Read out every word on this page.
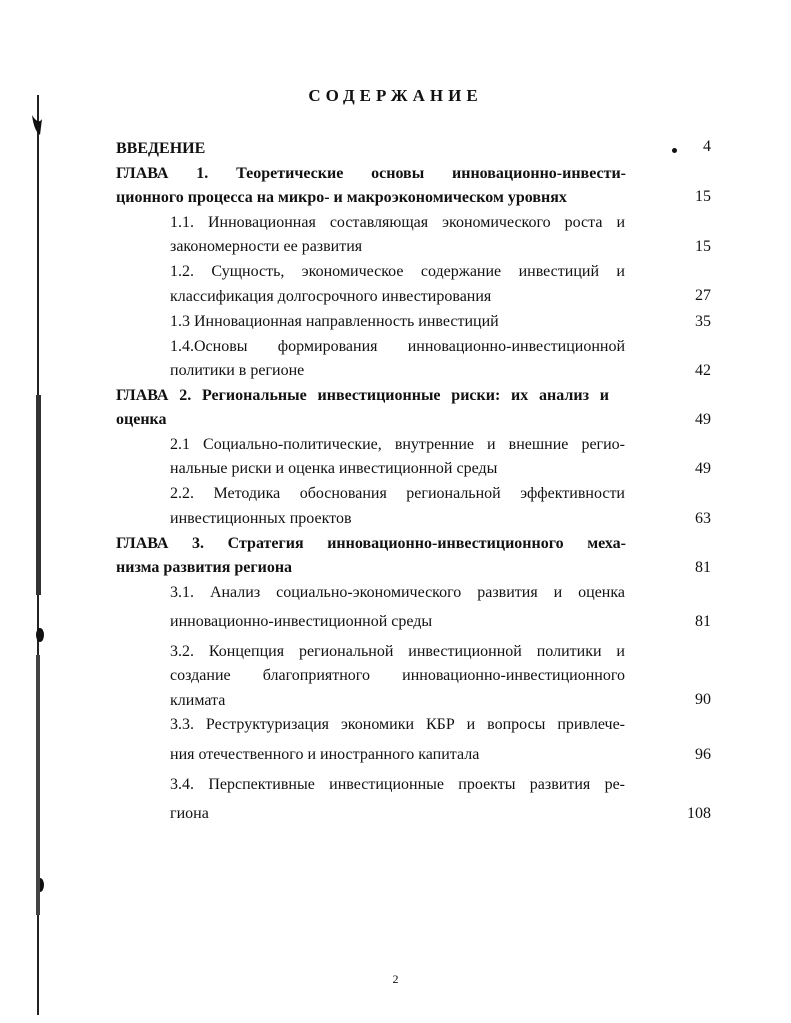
СОДЕРЖАНИЕ
ВВЕДЕНИЕ	4
ГЛАВА 1. Теоретические основы инновационно-инвести-
ционного процесса на микро- и макроэкономическом уровнях	15
1.1. Инновационная составляющая экономического роста и
закономерности ее развития	15
1.2. Сущность, экономическое содержание инвестиций и
классификация долгосрочного инвестирования	27
1.3 Инновационная направленность инвестиций	35
1.4.Основы формирования инновационно-инвестиционной
политики в регионе	42
ГЛАВА 2. Региональные инвестиционные риски: их анализ и
оценка	49
2.1 Социально-политические, внутренние и внешние регио-
нальные риски и оценка инвестиционной среды	49
2.2. Методика обоснования региональной эффективности
инвестиционных проектов	63
ГЛАВА 3. Стратегия инновационно-инвестиционного меха-
низма развития региона	81
3.1. Анализ социально-экономического развития и оценка
инновационно-инвестиционной среды	81
3.2. Концепция региональной инвестиционной политики и
создание благоприятного инновационно-инвестиционного
климата	90
3.3. Реструктуризация экономики КБР и вопросы привлече-
ния отечественного и иностранного капитала	96
3.4. Перспективные инвестиционные проекты развития ре-
гиона	108
2
